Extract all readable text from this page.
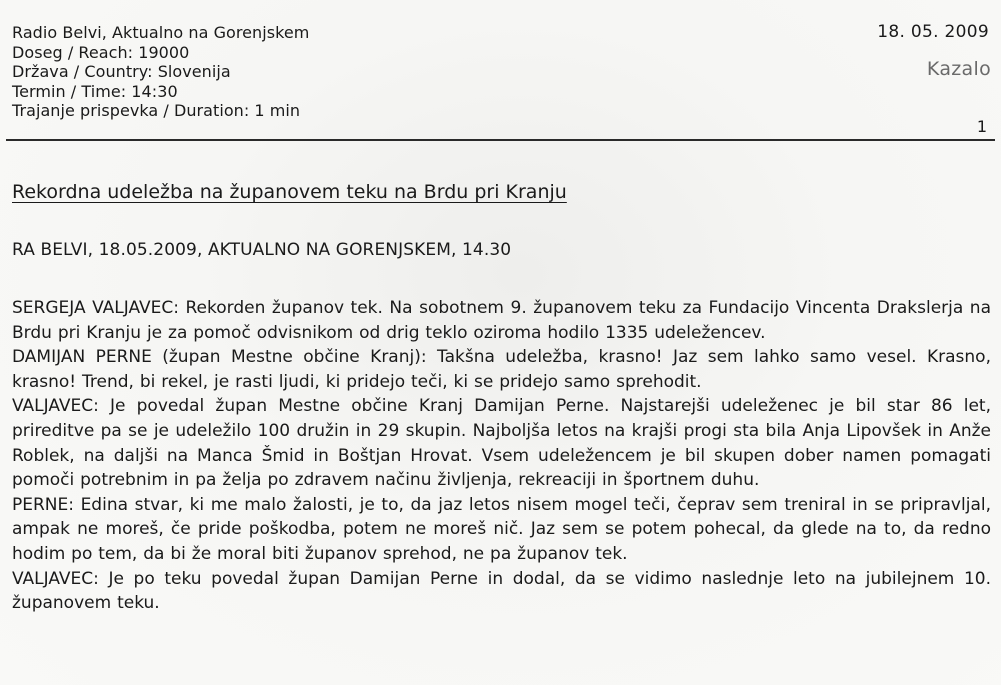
Radio Belvi, Aktualno na Gorenjskem
Doseg / Reach: 19000
Država / Country: Slovenija
Termin / Time: 14:30
Trajanje prispevka / Duration: 1 min
18. 05. 2009
Kazalo
1
Rekordna udeležba na županovem teku na Brdu pri Kranju
RA BELVI, 18.05.2009, AKTUALNO NA GORENJSKEM, 14.30

SERGEJA VALJAVEC: Rekorden županov tek. Na sobotnem 9. županovem teku za Fundacijo Vincenta Drakslerja na Brdu pri Kranju je za pomoč odvisnikom od drig teklo oziroma hodilo 1335 udeležencev.

DAMIJAN PERNE (župan Mestne občine Kranj): Takšna udeležba, krasno! Jaz sem lahko samo vesel. Krasno, krasno! Trend, bi rekel, je rasti ljudi, ki pridejo teči, ki se pridejo samo sprehodit.

VALJAVEC: Je povedal župan Mestne občine Kranj Damijan Perne. Najstarejši udeleženec je bil star 86 let, prireditve pa se je udeležilo 100 družin in 29 skupin. Najboljša letos na krajši progi sta bila Anja Lipovšek in Anže Roblek, na daljši na Manca Šmid in Boštjan Hrovat. Vsem udeležencem je bil skupen dober namen pomagati pomoči potrebnim in pa želja po zdravem načinu življenja, rekreaciji in športnem duhu.

PERNE: Edina stvar, ki me malo žalosti, je to, da jaz letos nisem mogel teči, čeprav sem treniral in se pripravljal, ampak ne moreš, če pride poškodba, potem ne moreš nič. Jaz sem se potem pohecal, da glede na to, da redno hodim po tem, da bi že moral biti županov sprehod, ne pa županov tek.

VALJAVEC: Je po teku povedal župan Damijan Perne in dodal, da se vidimo naslednje leto na jubilejnem 10. županovem teku.
